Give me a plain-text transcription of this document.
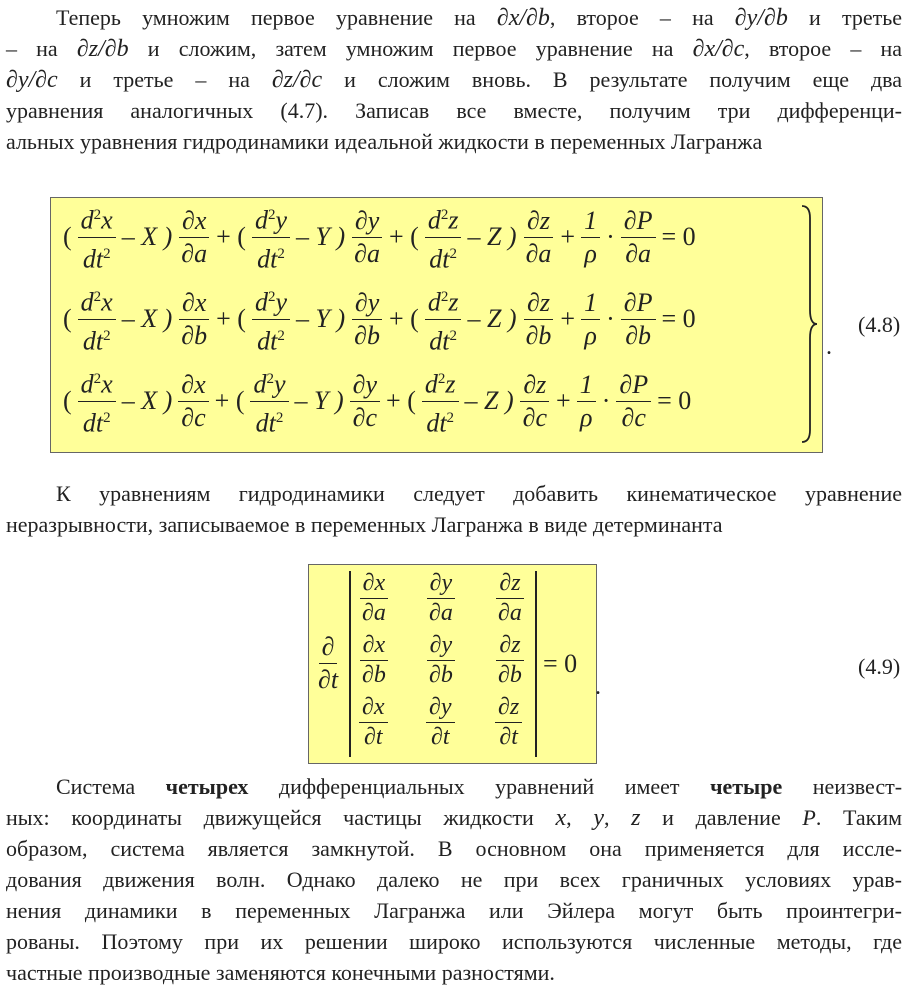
Теперь умножим первое уравнение на ∂x/∂b, второе – на ∂y/∂b и третье
– на ∂z/∂b и сложим, затем умножим первое уравнение на ∂x/∂c, второе – на
∂y/∂c и третье – на ∂z/∂c и сложим вновь. В результате получим еще два
уравнения аналогичных (4.7). Записав все вместе, получим три дифференци-
альных уравнения гидродинамики идеальной жидкости в переменных Лагранжа
(
$d^2x$
$dt^2$
– X )
∂x
∂a
+ (
$d^2y$
$dt^2$
– Y )
∂y
∂a
+ (
$d^2z$
$dt^2$
– Z )
∂z
∂a
+ $\frac{1}{\rho} \cdot \frac{\partial P}{\partial a} = 0$
(
$d^2x$
$dt^2$
– X )
∂x
∂b
+ (
$d^2y$
$dt^2$
– Y )
∂y
∂b
+ (
$d^2z$
$dt^2$
– Z )
∂z
∂b
+ $\frac{1}{\rho} \cdot \frac{\partial P}{\partial b} = 0$
(
$d^2x$
$dt^2$
– X )
∂x
∂c
+ (
$d^2y$
$dt^2$
– Y )
∂y
∂c
+ (
$d^2z$
$dt^2$
– Z )
∂z
∂c
+ $\frac{1}{\rho} \cdot \frac{\partial P}{\partial c} = 0$
.
(4.8)
К уравнениям гидродинамики следует добавить кинематическое уравнение
неразрывности, записываемое в переменных Лагранжа в виде детерминанта
∂
∂t
$\frac{\partial x}{\partial a} \frac{\partial y}{\partial a} \frac{\partial z}{\partial a}$
$\frac{\partial x}{\partial b} \frac{\partial y}{\partial b} \frac{\partial z}{\partial b}$
$\frac{\partial x}{\partial t} \frac{\partial y}{\partial t} \frac{\partial z}{\partial t}$
= 0
.
(4.9)
Система четырех дифференциальных уравнений имеет четыре неизвест-
ных: координаты движущейся частицы жидкости x, y, z и давление P. Таким
образом, система является замкнутой. В основном она применяется для иссле-
дования движения волн. Однако далеко не при всех граничных условиях урав-
нения динамики в переменных Лагранжа или Эйлера могут быть проинтегри-
рованы. Поэтому при их решении широко используются численные методы, где
частные производные заменяются конечными разностями.
